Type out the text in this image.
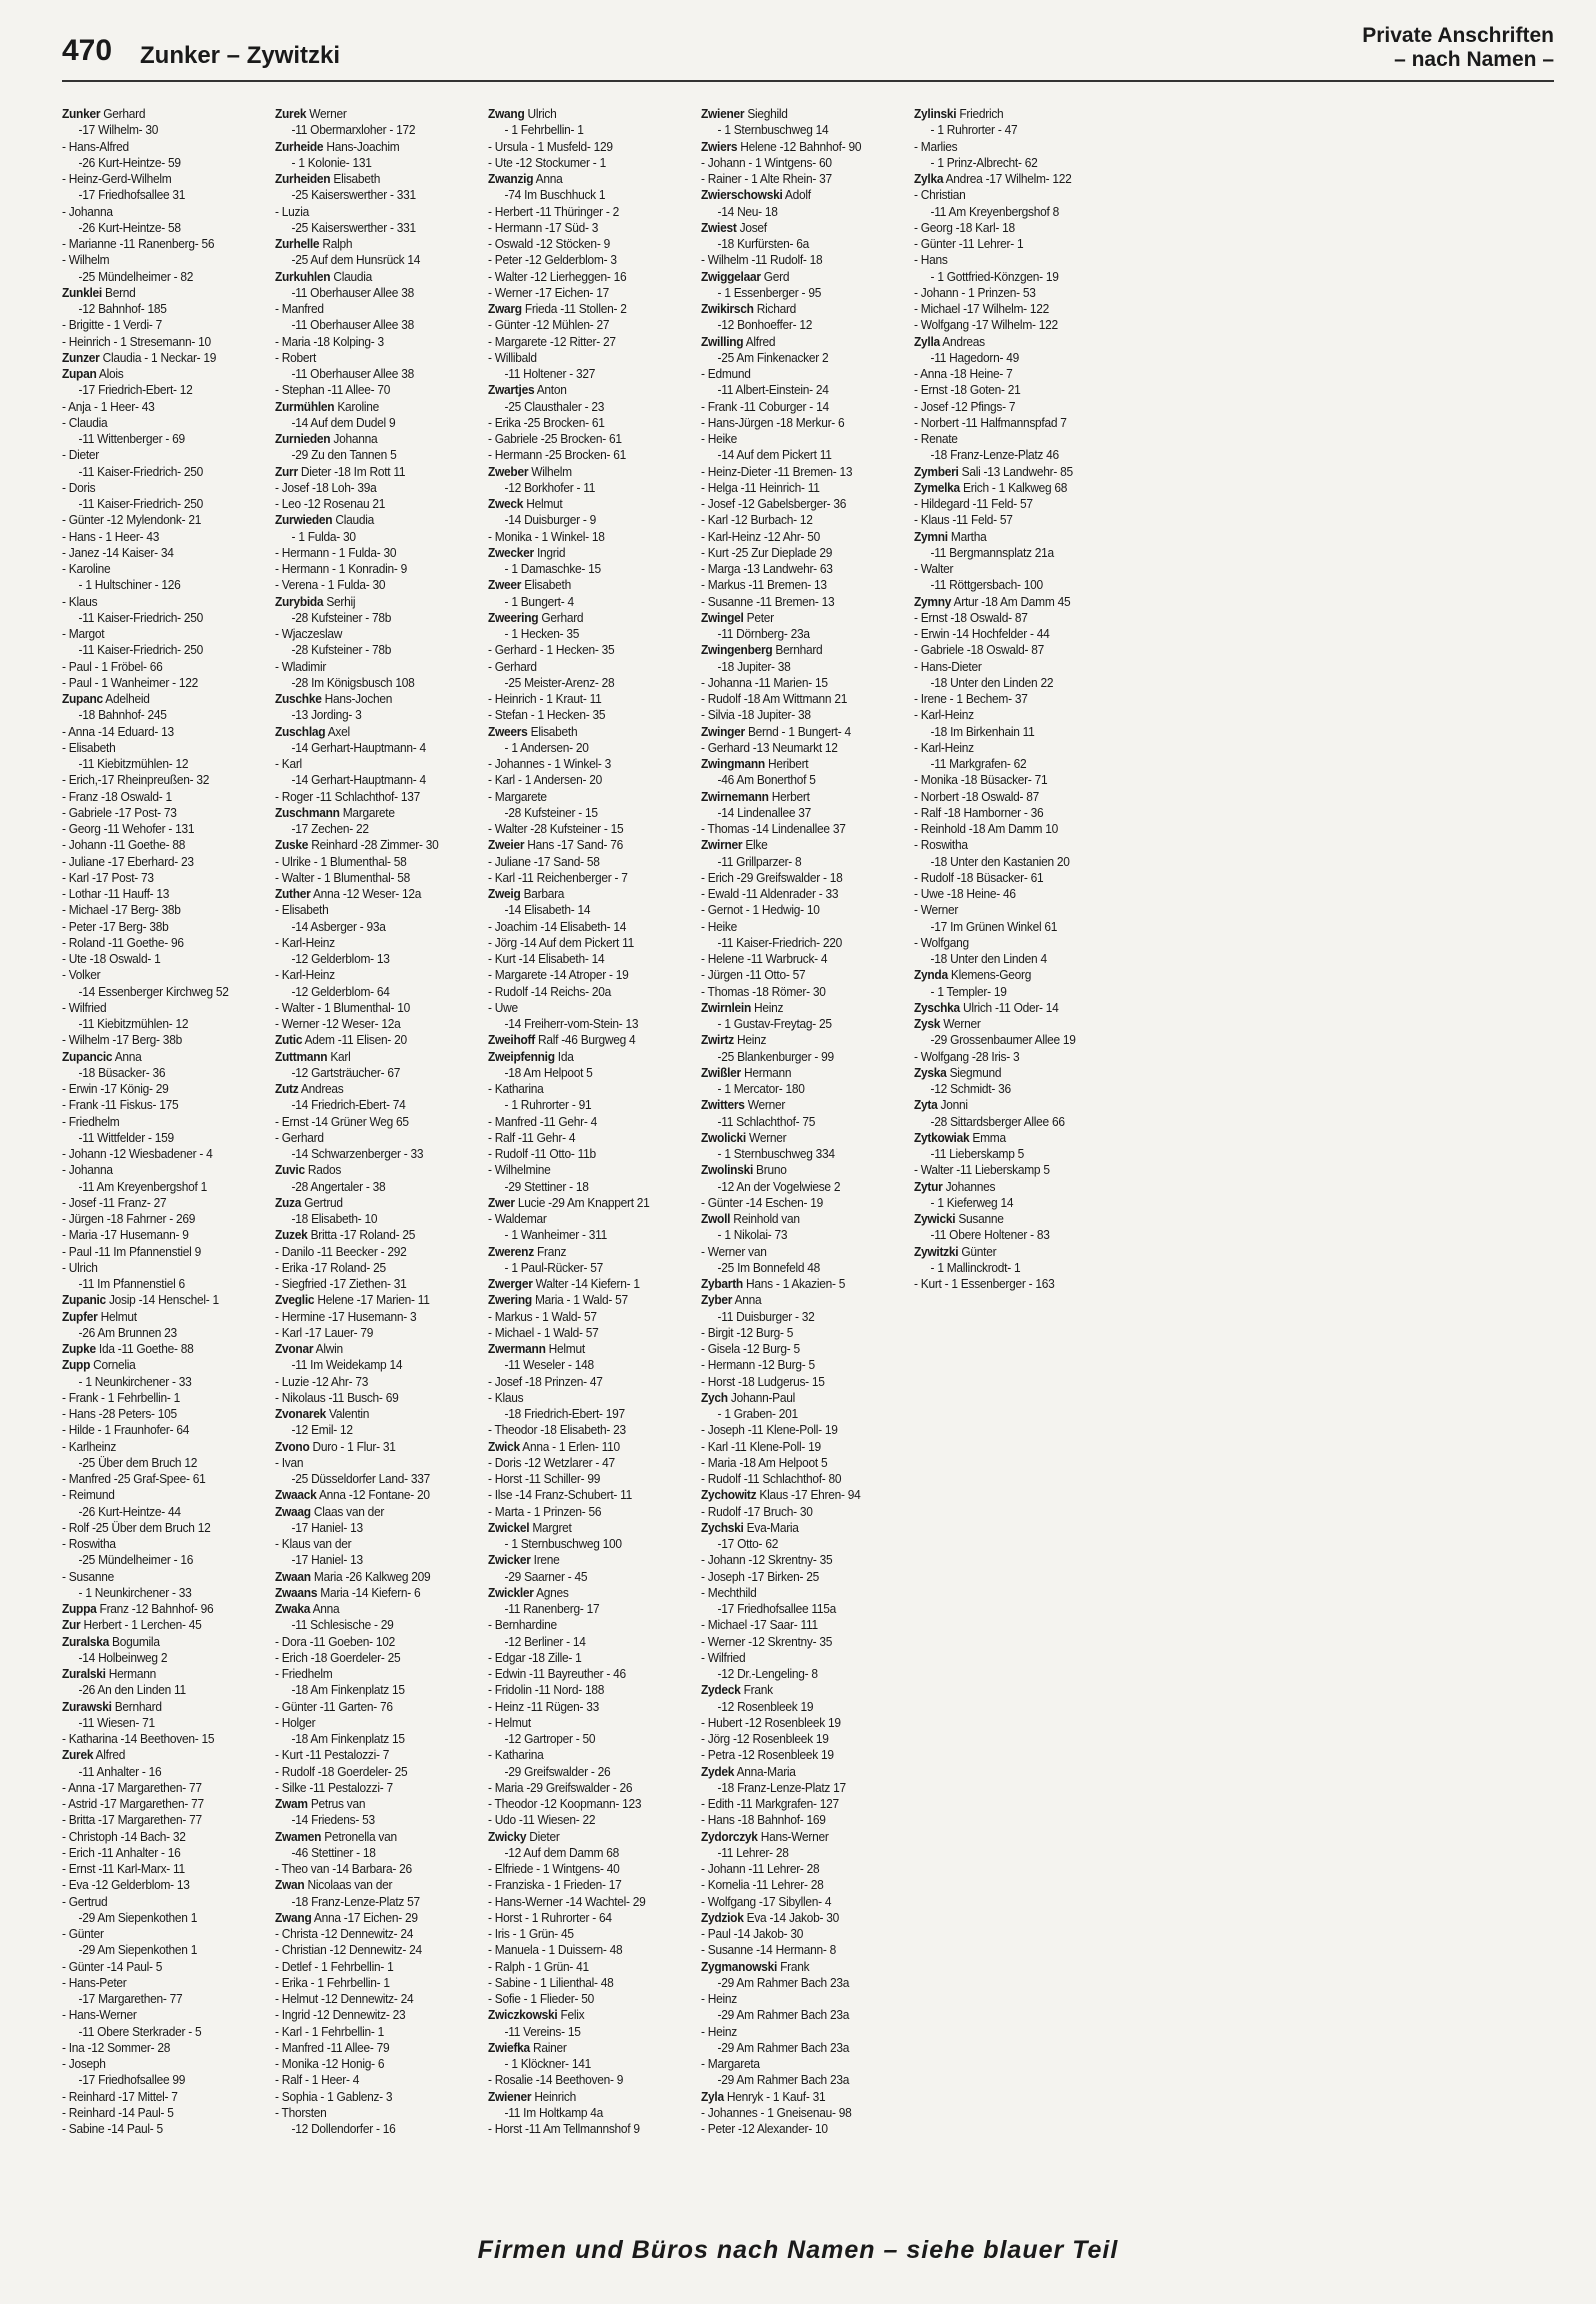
470 Zunker – Zywitzki
Private Anschriften
– nach Namen –
Zunker Gerhard
-17 Wilhelm- 30
- Hans-Alfred
-26 Kurt-Heintze- 59
- Heinz-Gerd-Wilhelm
-17 Friedhofsallee 31
- Johanna
-26 Kurt-Heintze- 58
- Marianne -11 Ranenberg- 56
- Wilhelm
-25 Mündelheimer - 82
Zunklei Bernd
-12 Bahnhof- 185
- Brigitte - 1 Verdi- 7
- Heinrich - 1 Stresemann- 10
Zunzer Claudia - 1 Neckar- 19
Zupan Alois
-17 Friedrich-Ebert- 12
- Anja - 1 Heer- 43
- Claudia
-11 Wittenberger - 69
- Dieter
-11 Kaiser-Friedrich- 250
- Doris
-11 Kaiser-Friedrich- 250
- Günter -12 Mylendonk- 21
- Hans - 1 Heer- 43
- Janez -14 Kaiser- 34
- Karoline
- 1 Hultschiner - 126
- Klaus
-11 Kaiser-Friedrich- 250
- Margot
-11 Kaiser-Friedrich- 250
- Paul - 1 Fröbel- 66
- Paul - 1 Wanheimer - 122
Zupanc Adelheid
-18 Bahnhof- 245
- Anna -14 Eduard- 13
- Elisabeth
-11 Kiebitzmühlen- 12
- Erich,-17 Rheinpreußen- 32
- Franz -18 Oswald- 1
- Gabriele -17 Post- 73
- Georg -11 Wehofer - 131
- Johann -11 Goethe- 88
- Juliane -17 Eberhard- 23
- Karl -17 Post- 73
- Lothar -11 Hauff- 13
- Michael -17 Berg- 38b
- Peter -17 Berg- 38b
- Roland -11 Goethe- 96
- Ute -18 Oswald- 1
- Volker
-14 Essenberger Kirchweg 52
- Wilfried
-11 Kiebitzmühlen- 12
- Wilhelm -17 Berg- 38b
Zupancic Anna
-18 Büsacker- 36
- Erwin -17 König- 29
- Frank -11 Fiskus- 175
- Friedhelm
-11 Wittfelder - 159
- Johann -12 Wiesbadener - 4
- Johanna
-11 Am Kreyenbergshof 1
- Josef -11 Franz- 27
- Jürgen -18 Fahrner - 269
- Maria -17 Husemann- 9
- Paul -11 Im Pfannenstiel 9
- Ulrich
-11 Im Pfannenstiel 6
Zupanic Josip -14 Henschel- 1
Zupfer Helmut
-26 Am Brunnen 23
Zupke Ida -11 Goethe- 88
Zupp Cornelia
- 1 Neunkirchener - 33
- Frank - 1 Fehrbellin- 1
- Hans -28 Peters- 105
- Hilde - 1 Fraunhofer- 64
- Karlheinz
-25 Über dem Bruch 12
- Manfred -25 Graf-Spee- 61
- Reimund
-26 Kurt-Heintze- 44
- Rolf -25 Über dem Bruch 12
- Roswitha
-25 Mündelheimer - 16
- Susanne
- 1 Neunkirchener - 33
Zuppa Franz -12 Bahnhof- 96
Zur Herbert - 1 Lerchen- 45
Zuralska Bogumila
-14 Holbeinweg 2
Zuralski Hermann
-26 An den Linden 11
Zurawski Bernhard
-11 Wiesen- 71
- Katharina -14 Beethoven- 15
Zurek Alfred
-11 Anhalter - 16
- Anna -17 Margarethen- 77
- Astrid -17 Margarethen- 77
- Britta -17 Margarethen- 77
- Christoph -14 Bach- 32
- Erich -11 Anhalter - 16
- Ernst -11 Karl-Marx- 11
- Eva -12 Gelderblom- 13
- Gertrud
-29 Am Siepenkothen 1
- Günter
-29 Am Siepenkothen 1
- Günter -14 Paul- 5
- Hans-Peter
-17 Margarethen- 77
- Hans-Werner
-11 Obere Sterkrader - 5
- Ina -12 Sommer- 28
- Joseph
-17 Friedhofsallee 99
- Reinhard -17 Mittel- 7
- Reinhard -14 Paul- 5
- Sabine -14 Paul- 5
Zurek Werner
-11 Obermarxloher - 172
Zurheide Hans-Joachim
- 1 Kolonie- 131
Zurheiden Elisabeth
-25 Kaiserswerther - 331
- Luzia
-25 Kaiserswerther - 331
Zurhelle Ralph
-25 Auf dem Hunsrück 14
Zurkuhlen Claudia
-11 Oberhauser Allee 38
- Manfred
-11 Oberhauser Allee 38
- Maria -18 Kolping- 3
- Robert
-11 Oberhauser Allee 38
- Stephan -11 Allee- 70
Zurmühlen Karoline
-14 Auf dem Dudel 9
Zurnieden Johanna
-29 Zu den Tannen 5
Zurr Dieter -18 Im Rott 11
- Josef -18 Loh- 39a
- Leo -12 Rosenau 21
Zurwieden Claudia
- 1 Fulda- 30
- Hermann - 1 Fulda- 30
- Hermann - 1 Konradin- 9
- Verena - 1 Fulda- 30
Zurybida Serhij
-28 Kufsteiner - 78b
- Wjaczeslaw
-28 Kufsteiner - 78b
- Wladimir
-28 Im Königsbusch 108
Zuschke Hans-Jochen
-13 Jording- 3
Zuschlag Axel
-14 Gerhart-Hauptmann- 4
- Karl
-14 Gerhart-Hauptmann- 4
- Roger -11 Schlachthof- 137
Zuschmann Margarete
-17 Zechen- 22
Zuske Reinhard -28 Zimmer- 30
- Ulrike - 1 Blumenthal- 58
- Walter - 1 Blumenthal- 58
Zuther Anna -12 Weser- 12a
- Elisabeth
-14 Asberger - 93a
- Karl-Heinz
-12 Gelderblom- 13
- Karl-Heinz
-12 Gelderblom- 64
- Walter - 1 Blumenthal- 10
- Werner -12 Weser- 12a
Zutic Adem -11 Elisen- 20
Zuttmann Karl
-12 Gartsträucher- 67
Zutz Andreas
-14 Friedrich-Ebert- 74
- Ernst -14 Grüner Weg 65
- Gerhard
-14 Schwarzenberger - 33
Zuvic Rados
-28 Angertaler - 38
Zuza Gertrud
-18 Elisabeth- 10
Zuzek Britta -17 Roland- 25
- Danilo -11 Beecker - 292
- Erika -17 Roland- 25
- Siegfried -17 Ziethen- 31
Zveglic Helene -17 Marien- 11
- Hermine -17 Husemann- 3
- Karl -17 Lauer- 79
Zvonar Alwin
-11 Im Weidekamp 14
- Luzie -12 Ahr- 73
- Nikolaus -11 Busch- 69
Zvonarek Valentin
-12 Emil- 12
Zvono Duro - 1 Flur- 31
- Ivan
-25 Düsseldorfer Land- 337
Zwaack Anna -12 Fontane- 20
Zwaag Claas van der
-17 Haniel- 13
- Klaus van der
-17 Haniel- 13
Zwaan Maria -26 Kalkweg 209
Zwaans Maria -14 Kiefern- 6
Zwaka Anna
-11 Schlesische - 29
- Dora -11 Goeben- 102
- Erich -18 Goerdeler- 25
- Friedhelm
-18 Am Finkenplatz 15
- Günter -11 Garten- 76
- Holger
-18 Am Finkenplatz 15
- Kurt -11 Pestalozzi- 7
- Rudolf -18 Goerdeler- 25
- Silke -11 Pestalozzi- 7
Zwam Petrus van
-14 Friedens- 53
Zwamen Petronella van
-46 Stettiner - 18
- Theo van -14 Barbara- 26
Zwan Nicolaas van der
-18 Franz-Lenze-Platz 57
Zwang Anna -17 Eichen- 29
- Christa -12 Dennewitz- 24
- Christian -12 Dennewitz- 24
- Detlef - 1 Fehrbellin- 1
- Erika - 1 Fehrbellin- 1
- Helmut -12 Dennewitz- 24
- Ingrid -12 Dennewitz- 23
- Karl - 1 Fehrbellin- 1
- Manfred -11 Allee- 79
- Monika -12 Honig- 6
- Ralf - 1 Heer- 4
- Sophia - 1 Gablenz- 3
- Thorsten
-12 Dollendorfer - 16
Zwang Ulrich
- 1 Fehrbellin- 1
- Ursula - 1 Musfeld- 129
- Ute -12 Stockumer - 1
Zwanzig Anna
-74 Im Buschhuck 1
- Herbert -11 Thüringer - 2
- Hermann -17 Süd- 3
- Oswald -12 Stöcken- 9
- Peter -12 Gelderblom- 3
- Walter -12 Lierheggen- 16
- Werner -17 Eichen- 17
Zwarg Frieda -11 Stollen- 2
- Günter -12 Mühlen- 27
- Margarete -12 Ritter- 27
- Willibald
-11 Holtener - 327
Zwartjes Anton
-25 Clausthaler - 23
- Erika -25 Brocken- 61
- Gabriele -25 Brocken- 61
- Hermann -25 Brocken- 61
Zweber Wilhelm
-12 Borkhofer - 11
Zweck Helmut
-14 Duisburger - 9
- Monika - 1 Winkel- 18
Zwecker Ingrid
- 1 Damaschke- 15
Zweer Elisabeth
- 1 Bungert- 4
Zweering Gerhard
- 1 Hecken- 35
- Gerhard - 1 Hecken- 35
- Gerhard
-25 Meister-Arenz- 28
- Heinrich - 1 Kraut- 11
- Stefan - 1 Hecken- 35
Zweers Elisabeth
- 1 Andersen- 20
- Johannes - 1 Winkel- 3
- Karl - 1 Andersen- 20
- Margarete
-28 Kufsteiner - 15
- Walter -28 Kufsteiner - 15
Zweier Hans -17 Sand- 76
- Juliane -17 Sand- 58
- Karl -11 Reichenberger - 7
Zweig Barbara
-14 Elisabeth- 14
- Joachim -14 Elisabeth- 14
- Jörg -14 Auf dem Pickert 11
- Kurt -14 Elisabeth- 14
- Margarete -14 Atroper - 19
- Rudolf -14 Reichs- 20a
- Uwe
-14 Freiherr-vom-Stein- 13
Zweihoff Ralf -46 Burgweg 4
Zweipfennig Ida
-18 Am Helpoot 5
- Katharina
- 1 Ruhrorter - 91
- Manfred -11 Gehr- 4
- Ralf -11 Gehr- 4
- Rudolf -11 Otto- 11b
- Wilhelmine
-29 Stettiner - 18
Zwer Lucie -29 Am Knappert 21
- Waldemar
- 1 Wanheimer - 311
Zwerenz Franz
- 1 Paul-Rücker- 57
Zwerger Walter -14 Kiefern- 1
Zwering Maria - 1 Wald- 57
- Markus - 1 Wald- 57
- Michael - 1 Wald- 57
Zwermann Helmut
-11 Weseler - 148
- Josef -18 Prinzen- 47
- Klaus
-18 Friedrich-Ebert- 197
- Theodor -18 Elisabeth- 23
Zwick Anna - 1 Erlen- 110
- Doris -12 Wetzlarer - 47
- Horst -11 Schiller- 99
- Ilse -14 Franz-Schubert- 11
- Marta - 1 Prinzen- 56
Zwickel Margret
- 1 Sternbuschweg 100
Zwicker Irene
-29 Saarner - 45
Zwickler Agnes
-11 Ranenberg- 17
- Bernhardine
-12 Berliner - 14
- Edgar -18 Zille- 1
- Edwin -11 Bayreuther - 46
- Fridolin -11 Nord- 188
- Heinz -11 Rügen- 33
- Helmut
-12 Gartroper - 50
- Katharina
-29 Greifswalder - 26
- Maria -29 Greifswalder - 26
- Theodor -12 Koopmann- 123
- Udo -11 Wiesen- 22
Zwicky Dieter
-12 Auf dem Damm 68
- Elfriede - 1 Wintgens- 40
- Franziska - 1 Frieden- 17
- Hans-Werner -14 Wachtel- 29
- Horst - 1 Ruhrorter - 64
- Iris - 1 Grün- 45
- Manuela - 1 Duissern- 48
- Ralph - 1 Grün- 41
- Sabine - 1 Lilienthal- 48
- Sofie - 1 Flieder- 50
Zwiczkowski Felix
-11 Vereins- 15
Zwiefka Rainer
- 1 Klöckner- 141
- Rosalie -14 Beethoven- 9
Zwiener Heinrich
-11 Im Holtkamp 4a
- Horst -11 Am Tellmannshof 9
Zwiener Sieghild
- 1 Sternbuschweg 14
Zwiers Helene -12 Bahnhof- 90
- Johann - 1 Wintgens- 60
- Rainer - 1 Alte Rhein- 37
Zwierschowski Adolf
-14 Neu- 18
Zwiest Josef
-18 Kurfürsten- 6a
- Wilhelm -11 Rudolf- 18
Zwiggelaar Gerd
- 1 Essenberger - 95
Zwikirsch Richard
-12 Bonhoeffer- 12
Zwilling Alfred
-25 Am Finkenacker 2
- Edmund
-11 Albert-Einstein- 24
- Frank -11 Coburger - 14
- Hans-Jürgen -18 Merkur- 6
- Heike
-14 Auf dem Pickert 11
- Heinz-Dieter -11 Bremen- 13
- Helga -11 Heinrich- 11
- Josef -12 Gabelsberger- 36
- Karl -12 Burbach- 12
- Karl-Heinz -12 Ahr- 50
- Kurt -25 Zur Dieplade 29
- Marga -13 Landwehr- 63
- Markus -11 Bremen- 13
- Susanne -11 Bremen- 13
Zwingel Peter
-11 Dörnberg- 23a
Zwingenberg Bernhard
-18 Jupiter- 38
- Johanna -11 Marien- 15
- Rudolf -18 Am Wittmann 21
- Silvia -18 Jupiter- 38
Zwinger Bernd - 1 Bungert- 4
- Gerhard -13 Neumarkt 12
Zwingmann Heribert
-46 Am Bonerthof 5
Zwirnemann Herbert
-14 Lindenallee 37
- Thomas -14 Lindenallee 37
Zwirner Elke
-11 Grillparzer- 8
- Erich -29 Greifswalder - 18
- Ewald -11 Aldenrader - 33
- Gernot - 1 Hedwig- 10
- Heike
-11 Kaiser-Friedrich- 220
- Helene -11 Warbruck- 4
- Jürgen -11 Otto- 57
- Thomas -18 Römer- 30
Zwirnlein Heinz
- 1 Gustav-Freytag- 25
Zwirtz Heinz
-25 Blankenburger - 99
Zwißler Hermann
- 1 Mercator- 180
Zwitters Werner
-11 Schlachthof- 75
Zwolicki Werner
- 1 Sternbuschweg 334
Zwolinski Bruno
-12 An der Vogelwiese 2
- Günter -14 Eschen- 19
Zwoll Reinhold van
- 1 Nikolai- 73
- Werner van
-25 Im Bonnefeld 48
Zybarth Hans - 1 Akazien- 5
Zyber Anna
-11 Duisburger - 32
- Birgit -12 Burg- 5
- Gisela -12 Burg- 5
- Hermann -12 Burg- 5
- Horst -18 Ludgerus- 15
Zych Johann-Paul
- 1 Graben- 201
- Joseph -11 Klene-Poll- 19
- Karl -11 Klene-Poll- 19
- Maria -18 Am Helpoot 5
- Rudolf -11 Schlachthof- 80
Zychowitz Klaus -17 Ehren- 94
- Rudolf -17 Bruch- 30
Zychski Eva-Maria
-17 Otto- 62
- Johann -12 Skrentny- 35
- Joseph -17 Birken- 25
- Mechthild
-17 Friedhofsallee 115a
- Michael -17 Saar- 111
- Werner -12 Skrentny- 35
- Wilfried
-12 Dr.-Lengeling- 8
Zydeck Frank
-12 Rosenbleek 19
- Hubert -12 Rosenbleek 19
- Jörg -12 Rosenbleek 19
- Petra -12 Rosenbleek 19
Zydek Anna-Maria
-18 Franz-Lenze-Platz 17
- Edith -11 Markgrafen- 127
- Hans -18 Bahnhof- 169
Zydorczyk Hans-Werner
-11 Lehrer- 28
- Johann -11 Lehrer- 28
- Kornelia -11 Lehrer- 28
- Wolfgang -17 Sibyllen- 4
Zydziok Eva -14 Jakob- 30
- Paul -14 Jakob- 30
- Susanne -14 Hermann- 8
Zygmanowski Frank
-29 Am Rahmer Bach 23a
- Heinz
-29 Am Rahmer Bach 23a
- Heinz
-29 Am Rahmer Bach 23a
- Margareta
-29 Am Rahmer Bach 23a
Zyla Henryk - 1 Kauf- 31
- Johannes - 1 Gneisenau- 98
- Peter -12 Alexander- 10
Zylinski Friedrich
- 1 Ruhrorter - 47
- Marlies
- 1 Prinz-Albrecht- 62
Zylka Andrea -17 Wilhelm- 122
- Christian
-11 Am Kreyenbergshof 8
- Georg -18 Karl- 18
- Günter -11 Lehrer- 1
- Hans
- 1 Gottfried-Könzgen- 19
- Johann - 1 Prinzen- 53
- Michael -17 Wilhelm- 122
- Wolfgang -17 Wilhelm- 122
Zylla Andreas
-11 Hagedorn- 49
- Anna -18 Heine- 7
- Ernst -18 Goten- 21
- Josef -12 Pfings- 7
- Norbert -11 Halfmannspfad 7
- Renate
-18 Franz-Lenze-Platz 46
Zymberi Sali -13 Landwehr- 85
Zymelka Erich - 1 Kalkweg 68
- Hildegard -11 Feld- 57
- Klaus -11 Feld- 57
Zymni Martha
-11 Bergmannsplatz 21a
- Walter
-11 Röttgersbach- 100
Zymny Artur -18 Am Damm 45
- Ernst -18 Oswald- 87
- Erwin -14 Hochfelder - 44
- Gabriele -18 Oswald- 87
- Hans-Dieter
-18 Unter den Linden 22
- Irene - 1 Bechem- 37
- Karl-Heinz
-18 Im Birkenhain 11
- Karl-Heinz
-11 Markgrafen- 62
- Monika -18 Büsacker- 71
- Norbert -18 Oswald- 87
- Ralf -18 Hamborner - 36
- Reinhold -18 Am Damm 10
- Roswitha
-18 Unter den Kastanien 20
- Rudolf -18 Büsacker- 61
- Uwe -18 Heine- 46
- Werner
-17 Im Grünen Winkel 61
- Wolfgang
-18 Unter den Linden 4
Zynda Klemens-Georg
- 1 Templer- 19
Zyschka Ulrich -11 Oder- 14
Zysk Werner
-29 Grossenbaumer Allee 19
- Wolfgang -28 Iris- 3
Zyska Siegmund
-12 Schmidt- 36
Zyta Jonni
-28 Sittardsberger Allee 66
Zytkowiak Emma
-11 Lieberskamp 5
- Walter -11 Lieberskamp 5
Zytur Johannes
- 1 Kieferweg 14
Zywicki Susanne
-11 Obere Holtener - 83
Zywitzki Günter
- 1 Mallinckrodt- 1
- Kurt - 1 Essenberger - 163
Firmen und Büros nach Namen – siehe blauer Teil
